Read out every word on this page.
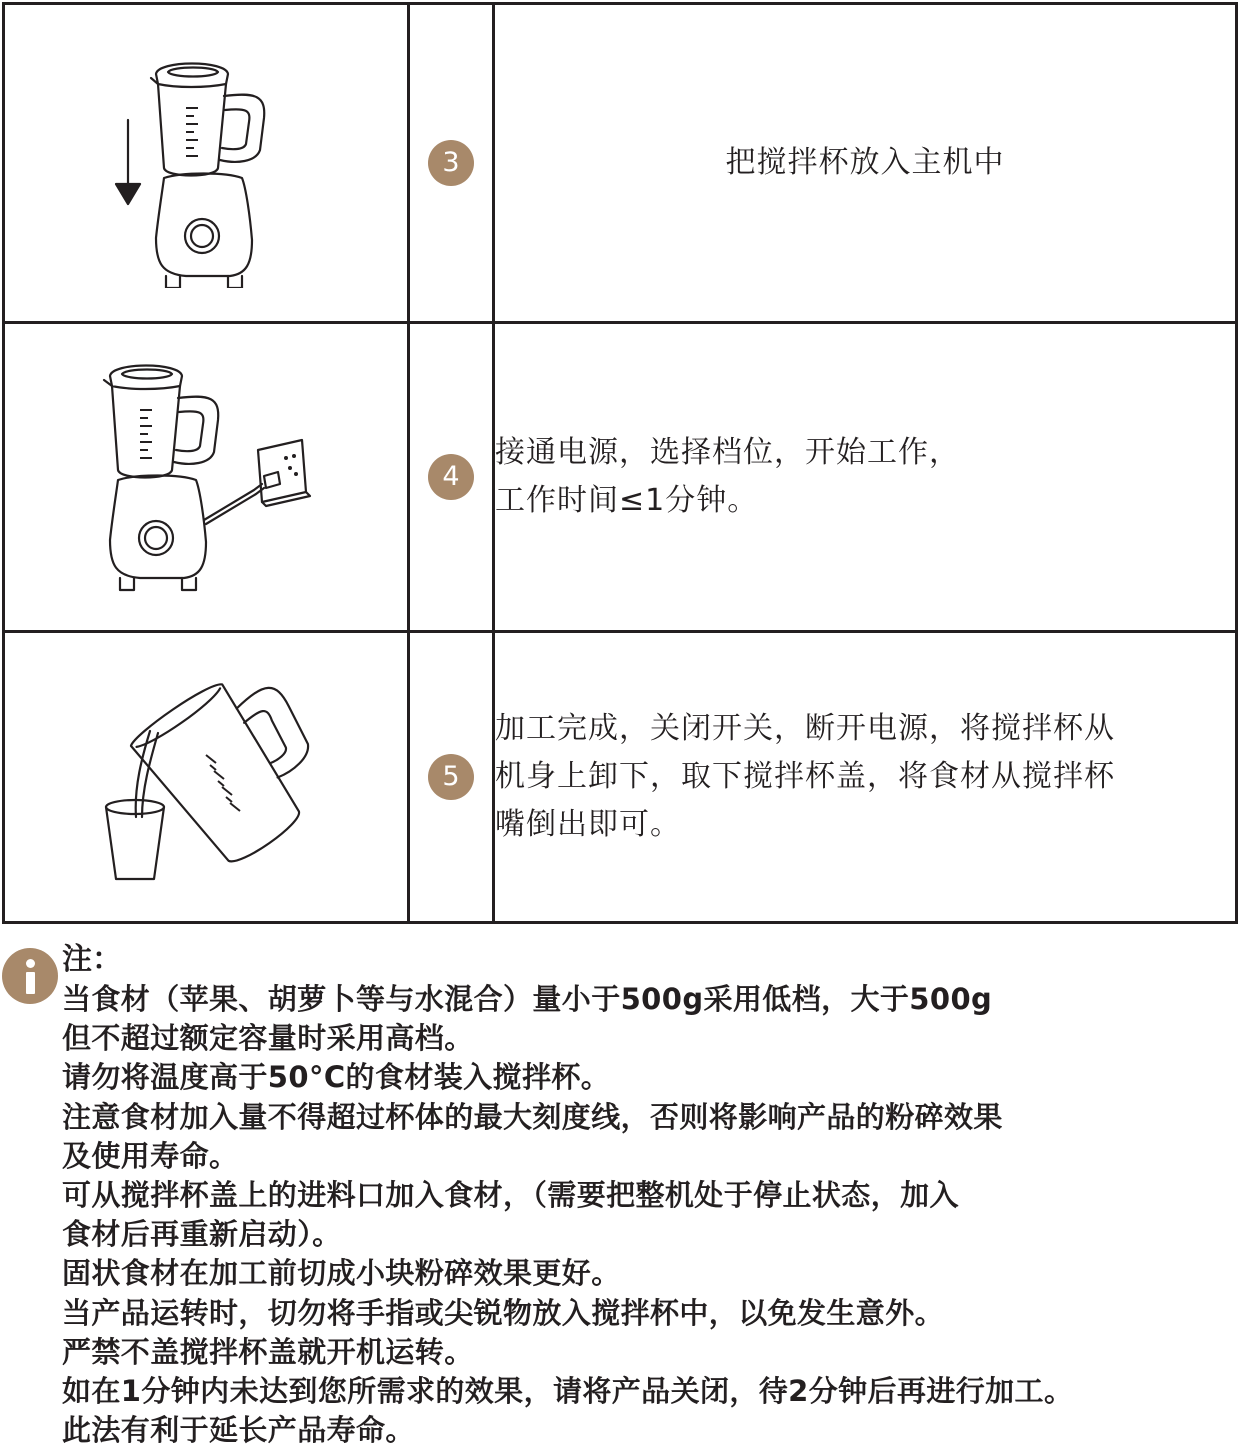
	3	把搅拌杯放入主机中

	4	接通电源，选择档位，开始工作，
工作时间≤1分钟。

	5	加工完成，关闭开关，断开电源，将搅拌杯从
机身上卸下，取下搅拌杯盖，将食材从搅拌杯
嘴倒出即可。
注：
当食材（苹果、胡萝卜等与水混合）量小于500g采用低档，大于500g
但不超过额定容量时采用高档。
请勿将温度高于50°C的食材装入搅拌杯。
注意食材加入量不得超过杯体的最大刻度线，否则将影响产品的粉碎效果
及使用寿命。
可从搅拌杯盖上的进料口加入食材，（需要把整机处于停止状态，加入
食材后再重新启动）。
固状食材在加工前切成小块粉碎效果更好。
当产品运转时，切勿将手指或尖锐物放入搅拌杯中，以免发生意外。
严禁不盖搅拌杯盖就开机运转。
如在1分钟内未达到您所需求的效果，请将产品关闭，待2分钟后再进行加工。
此法有利于延长产品寿命。
